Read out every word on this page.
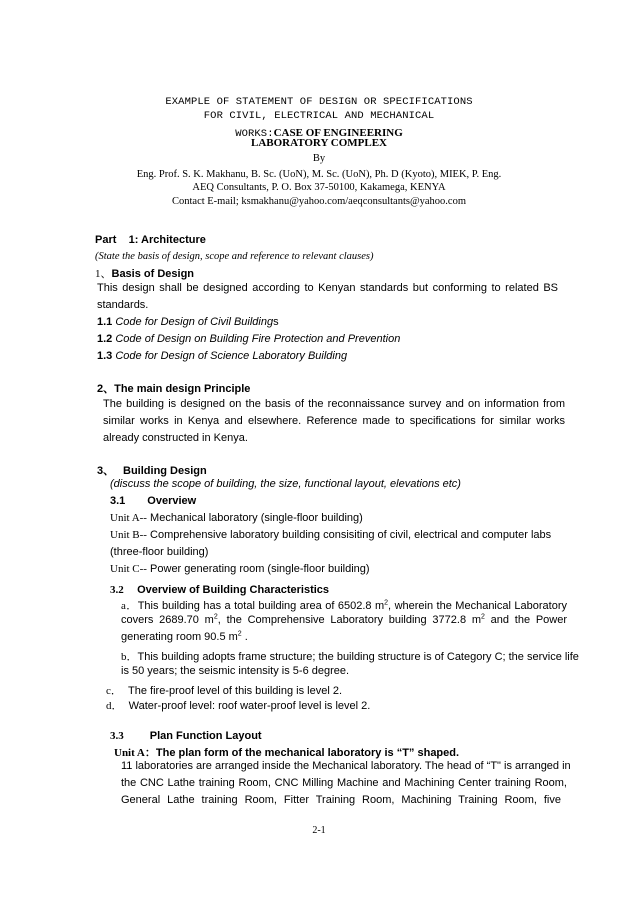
EXAMPLE OF STATEMENT OF DESIGN OR SPECIFICATIONS
FOR CIVIL, ELECTRICAL AND MECHANICAL
WORKS:CASE OF ENGINEERING
LABORATORY COMPLEX
By
Eng. Prof. S. K. Makhanu, B. Sc. (UoN), M. Sc. (UoN), Ph. D (Kyoto), MIEK, P. Eng.
AEQ Consultants, P. O. Box 37-50100, Kakamega, KENYA
Contact E-mail; ksmakhanu@yahoo.com/aeqconsultants@yahoo.com
Part    1: Architecture
(State the basis of design, scope and reference to relevant clauses)
1、Basis of Design
This design shall be designed according to Kenyan standards but conforming to related BS
standards.
1.1 Code for Design of Civil Buildings
1.2 Code of Design on Building Fire Protection and Prevention
1.3 Code for Design of Science Laboratory Building
2、The main design Principle
The building is designed on the basis of the reconnaissance survey and on information from
similar works in Kenya and elsewhere. Reference made to specifications for similar works
already constructed in Kenya.
3、 Building Design
(discuss the scope of building, the size, functional layout, elevations etc)
3.1 Overview
Unit A-- Mechanical laboratory (single-floor building)
Unit B-- Comprehensive laboratory building consisiting of civil, electrical and computer labs
(three-floor building)
Unit C-- Power generating room (single-floor building)
3.2 Overview of Building Characteristics
a．This building has a total building area of 6502.8 $m^2$, wherein the Mechanical Laboratory
covers 2689.70 $m^2$, the Comprehensive Laboratory building 3772.8 $m^2$ and the Power
generating room 90.5 $m^2$ .
b．This building adopts frame structure; the building structure is of Category C; the service life
is 50 years; the seismic intensity is 5-6 degree.
c． The fire-proof level of this building is level 2.
d． Water-proof level: roof water-proof level is level 2.
3.3 Plan Function Layout
Unit A：The plan form of the mechanical laboratory is “T” shaped.
11 laboratories are arranged inside the Mechanical laboratory. The head of “T" is arranged in
the CNC Lathe training Room, CNC Milling Machine and Machining Center training Room,
General Lathe training Room, Fitter Training Room, Machining Training Room, five
2-1
